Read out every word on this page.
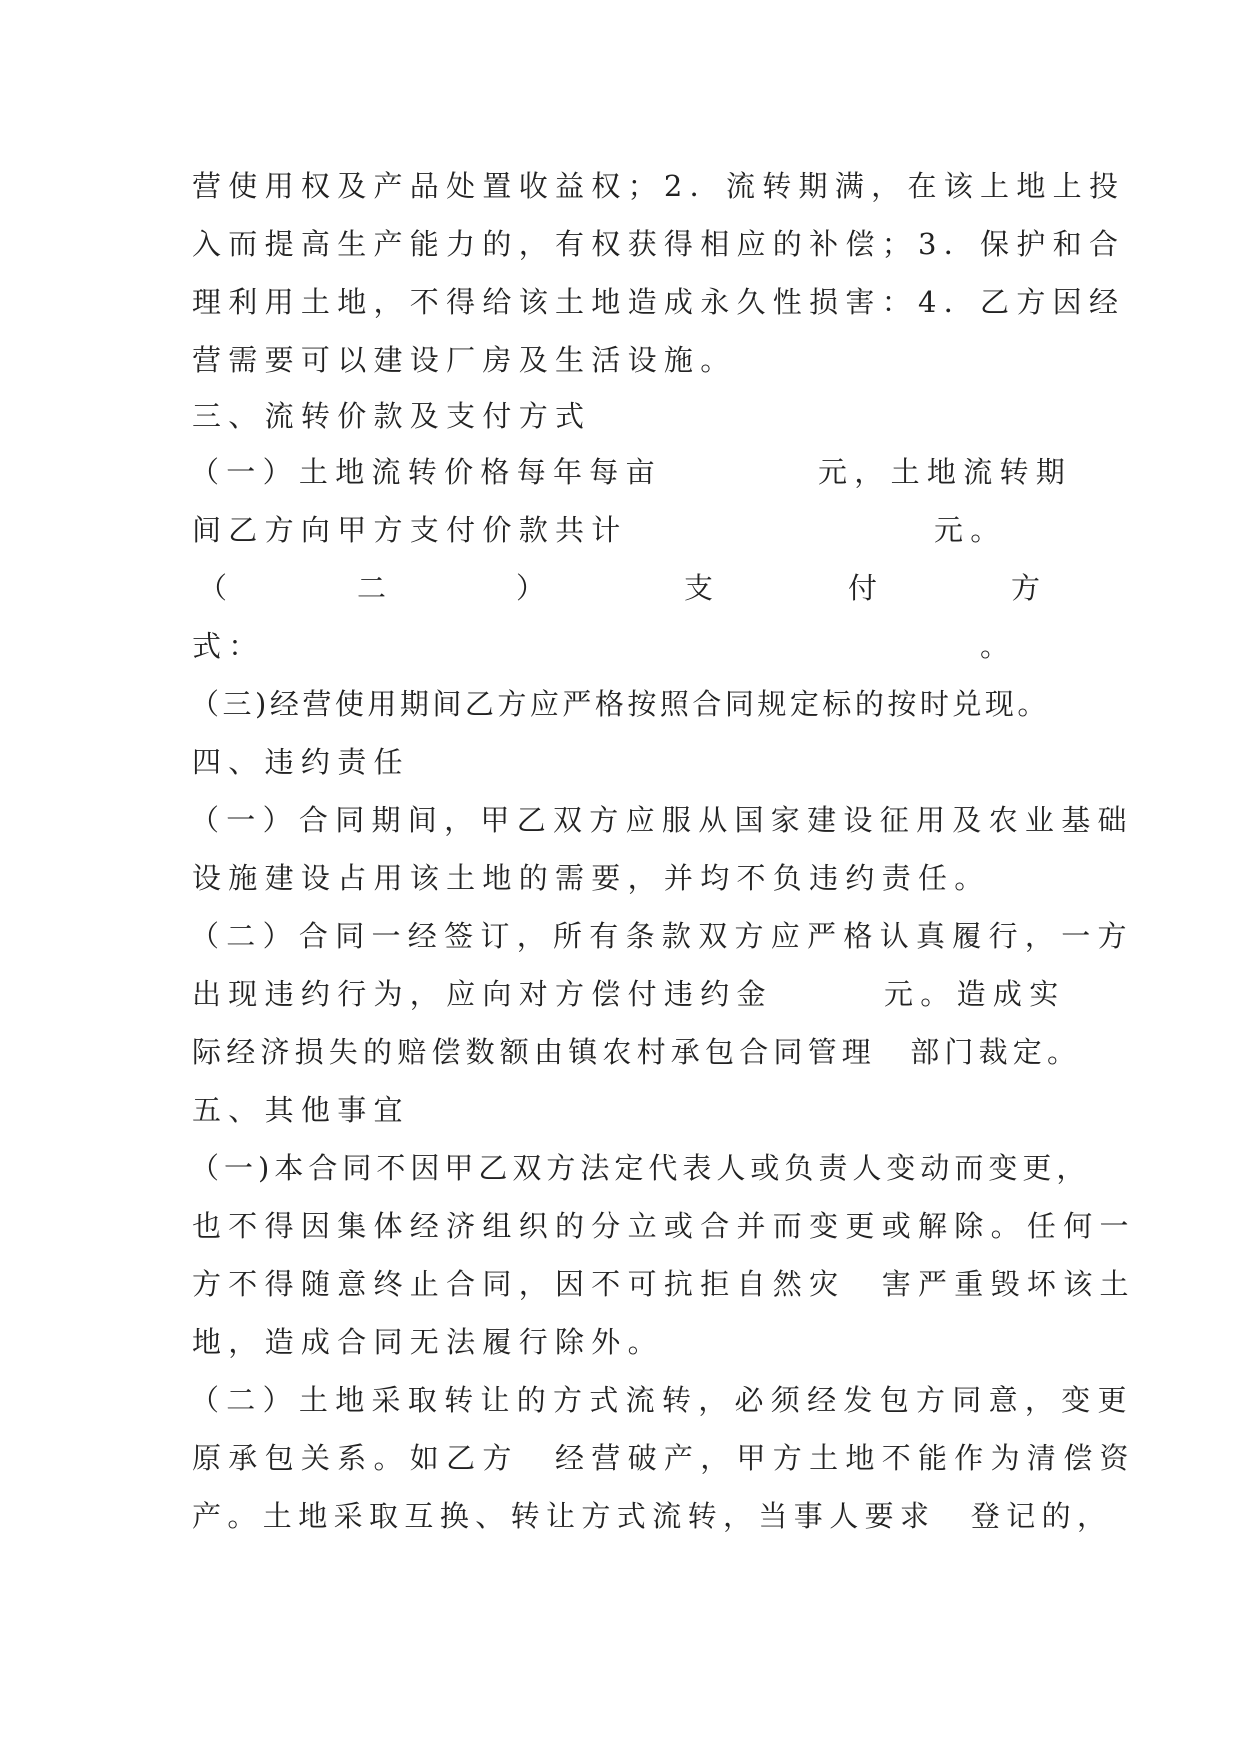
营使用权及产品处置收益权；2．流转期满，在该上地上投
入而提高生产能力的，有权获得相应的补偿；3．保护和合
理利用土地，不得给该土地造成永久性损害：4．乙方因经
营需要可以建设厂房及生活设施。
三、流转价款及支付方式
（一）土地流转价格每年每亩	元，土地流转期
间乙方向甲方支付价款共计	元。
（	二	）	支	付	方
式：	。
（三)经营使用期间乙方应严格按照合同规定标的按时兑现。
四、违约责任
（一）合同期间，甲乙双方应服从国家建设征用及农业基础
设施建设占用该土地的需要，并均不负违约责任。
（二）合同一经签订，所有条款双方应严格认真履行，一方
出现违约行为，应向对方偿付违约金	元。造成实
际经济损失的赔偿数额由镇农村承包合同管理　部门裁定。
五、其他事宜
（一)本合同不因甲乙双方法定代表人或负责人变动而变更，
也不得因集体经济组织的分立或合并而变更或解除。任何一
方不得随意终止合同，因不可抗拒自然灾　害严重毁坏该土
地，造成合同无法履行除外。
（二）土地采取转让的方式流转，必须经发包方同意，变更
原承包关系。如乙方　经营破产，甲方土地不能作为清偿资
产。土地采取互换、转让方式流转，当事人要求　登记的，
